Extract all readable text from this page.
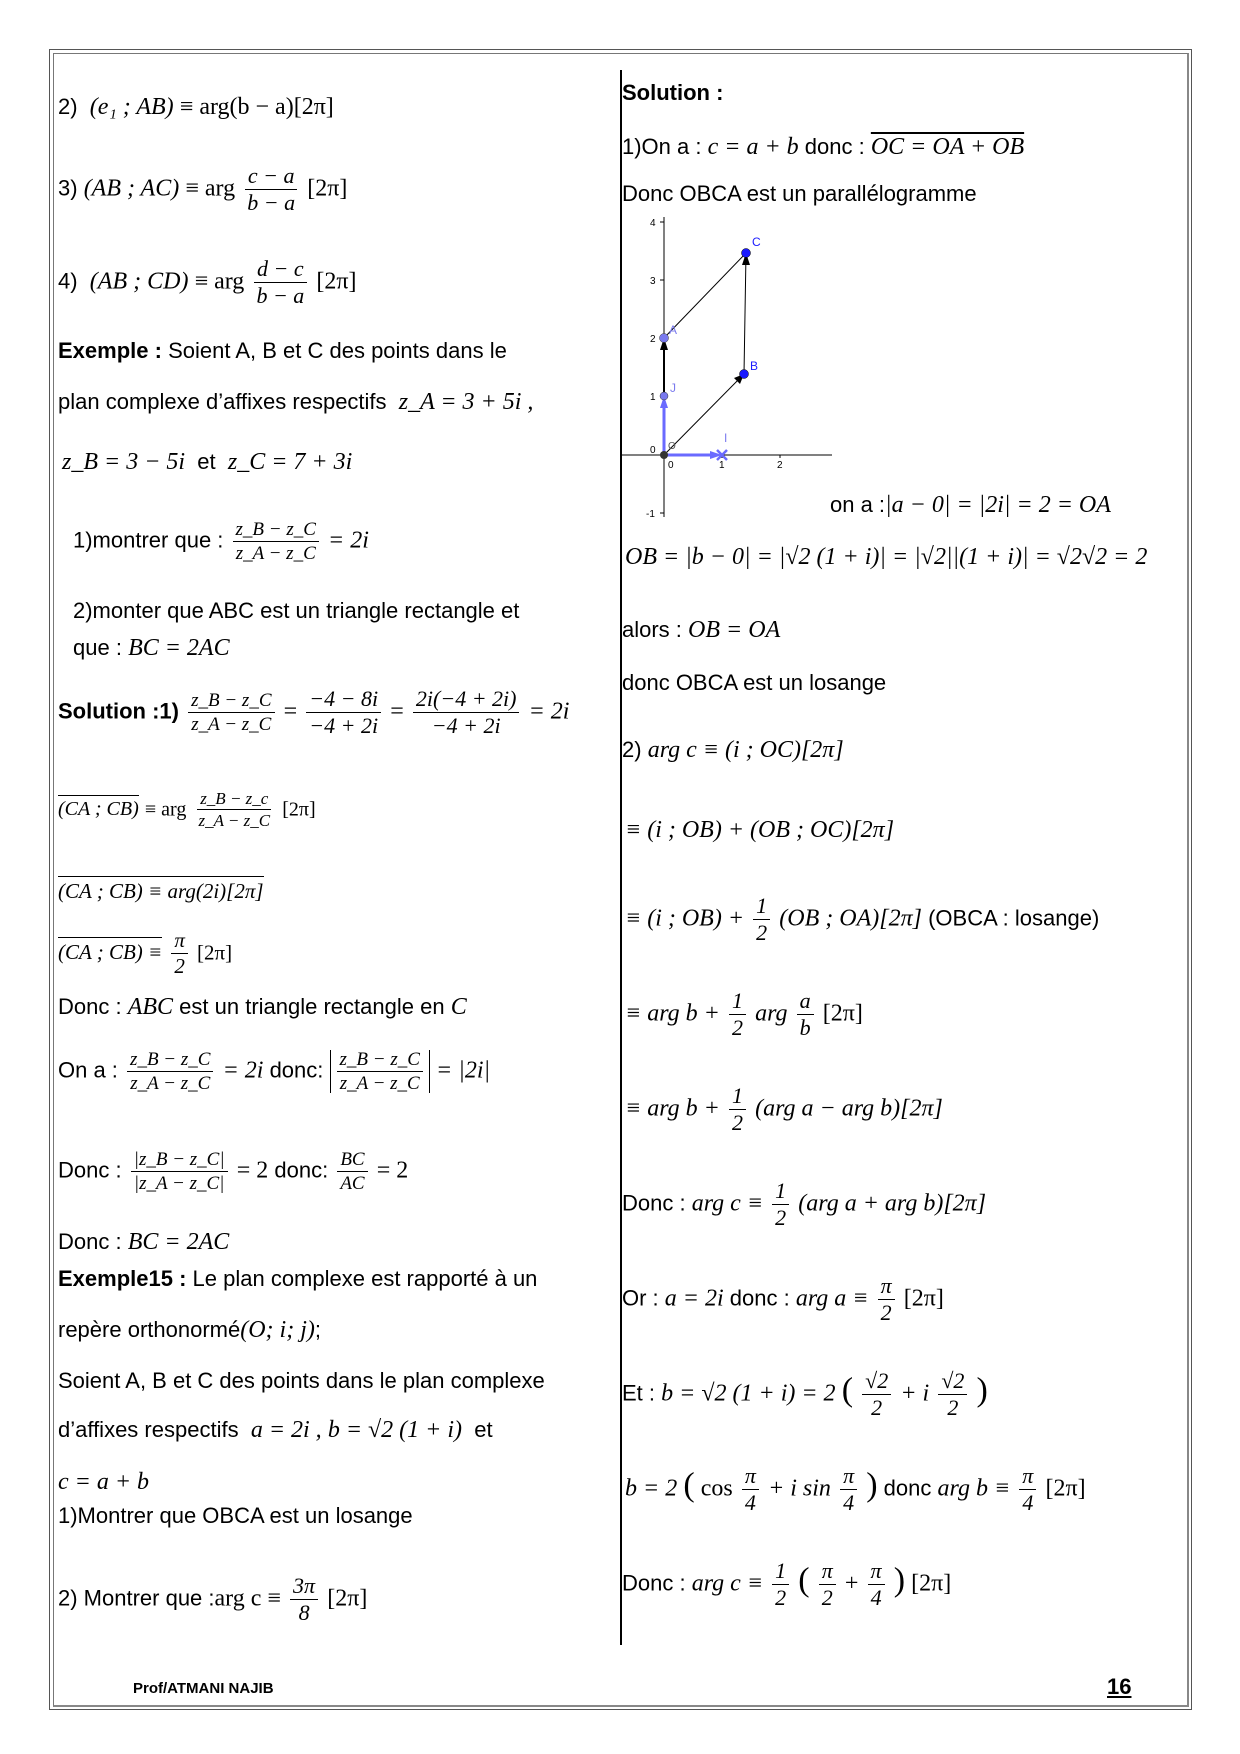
2) (e₁ ; AB) ≡ arg(b − a)[2π]
3) (AB ; AC) ≡ arg $\frac{c - a}{b - a} [2\pi]$
4) (AB ; CD) ≡ arg $\frac{d - c}{b - a} [2\pi]$
Exemple : Soient A, B et C des points dans le
plan complexe d’affixes respectifs z_A = 3 + 5i ,
z_B = 3 − 5i et z_C = 7 + 3i
1)montrer que : $\frac{z\_B - z\_C}{z\_A - z\_C} = 2i$
2)monter que ABC est un triangle rectangle et
que : BC = 2AC
Solution :1) $\frac{z\_B - z\_C}{z\_A - z\_C} = \frac{-4 - 8i}{-4 + 2i} = \frac{2i(-4 + 2i)}{-4 + 2i} = 2i$
(CA ; CB) ≡ arg $\frac{z\_B - z\_c}{z\_A - z\_C} [2\pi]$
(CA ; CB) ≡ arg(2i)[2π]
(CA ; $CB) \equiv \frac{\pi}{2} [2\pi]$
Donc : ABC est un triangle rectangle en C
On a : $\frac{z\_B - z\_C}{z\_A - z\_C} = 2i$ donc: $\frac{z\_B - z\_C}{z\_A - z\_C} = |2i|$
Donc : $\frac{|z\_B - z\_C|}{|z\_A - z\_C|} = 2$ donc: $\frac{BC}{AC} = 2$
Donc : BC = 2AC
Exemple15 : Le plan complexe est rapporté à un
repère orthonormé(O; i; j);
Soient A, B et C des points dans le plan complexe
d’affixes respectifs a = 2i , b = √2 (1 + i) et
c = a + b
1)Montrer que OBCA est un losange
2) Montrer que :arg $c \equiv \frac{3\pi}{8} [2\pi]$
Solution :
1)On a : c = a + b donc : OC = OA + OB
Donc OBCA est un parallélogramme
4
3
2
1
0
-1
0	1	2
A
J
B
C
I
O
on a :|a − 0| = |2i| = 2 = OA
OB = |b − 0| = |√2 (1 + i)| = |√2||(1 + i)| = √2√2 = 2
alors : OB = OA
donc OBCA est un losange
2) arg c ≡ (i ; OC)[2π]
≡ (i ; OB) + (OB ; OC)[2π]
≡ (i ; $OB) + \frac{1}{2} (OB$ ; OA)[2π] (OBCA : losange)
≡ arg $b + \frac{1}{2}$ arg $\frac{a}{b} [2\pi]$
≡ arg $b + \frac{1}{2} (arg$ a − arg b)[2π]
Donc : arg $c \equiv \frac{1}{2} (arg$ a + arg b)[2π]
Or : a = 2i donc : arg $a \equiv \frac{\pi}{2} [2\pi]$
Et : b = √2 (1 + i) = 2 ( $\frac{√2}{2} + i \frac{√2}{2}$ )
b = 2 ( $\cos \frac{\pi}{4} + i$ $\sin \frac{\pi}{4}$ ) donc arg $b \equiv \frac{\pi}{4} [2\pi]$
Donc : arg $c \equiv \frac{1}{2}$ ( $\frac{\pi}{2} + \frac{\pi}{4}$ ) [2π]
Prof/ATMANI NAJIB	16
